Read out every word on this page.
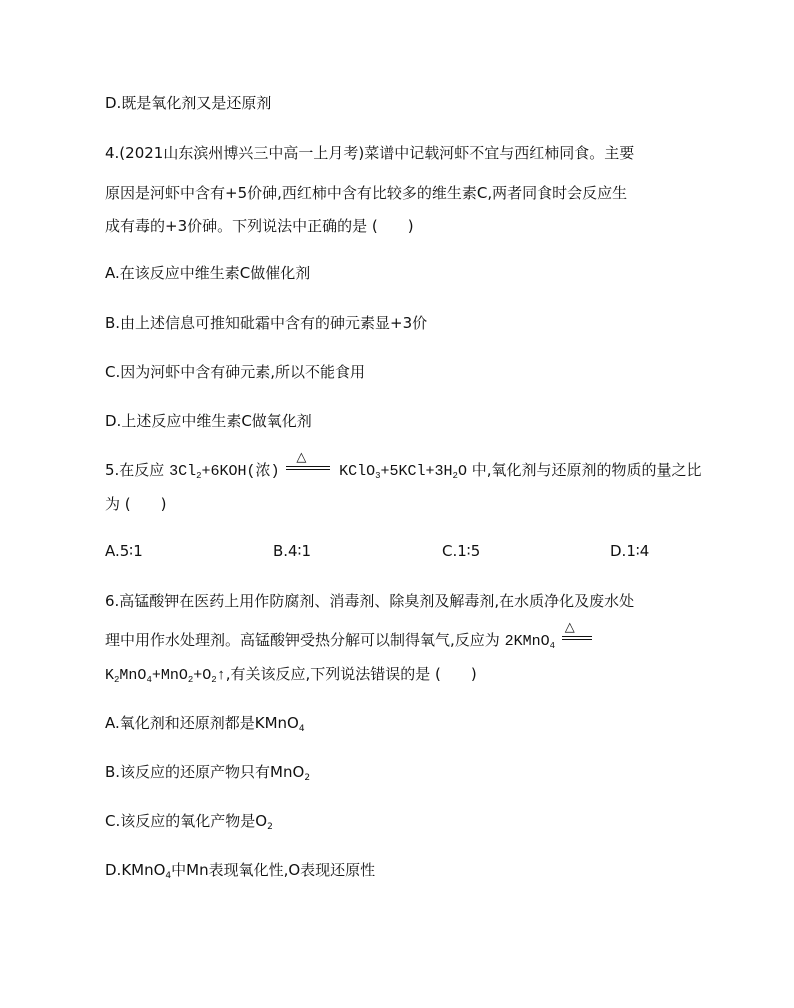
D.既是氧化剂又是还原剂
4.(2021山东滨州博兴三中高一上月考)菜谱中记载河虾不宜与西红柿同食。主要
原因是河虾中含有+5价砷,西红柿中含有比较多的维生素C,两者同食时会反应生
成有毒的+3价砷。下列说法中正确的是 (　　)
A.在该反应中维生素C做催化剂
B.由上述信息可推知砒霜中含有的砷元素显+3价
C.因为河虾中含有砷元素,所以不能食用
D.上述反应中维生素C做氧化剂
5.在反应 $3Cl_2+6KOH$(浓)
△
$KClO_3+5KCl+3H_2O$ 中,氧化剂与还原剂的物质的量之比
为 (　　)
A.5∶1	B.4∶1	C.1∶5	D.1∶4
6.高锰酸钾在医药上用作防腐剂、消毒剂、除臭剂及解毒剂,在水质净化及废水处
理中用作水处理剂。高锰酸钾受热分解可以制得氧气,反应为 2KMnO$_4$
△
$K_2MnO_4+MnO_2+O_2↑$,有关该反应,下列说法错误的是 (　　)
A.氧化剂和还原剂都是KMnO$_4$
B.该反应的还原产物只有MnO$_2$
C.该反应的氧化产物是$O_2$
D.KMnO$_4$中Mn表现氧化性,O表现还原性
